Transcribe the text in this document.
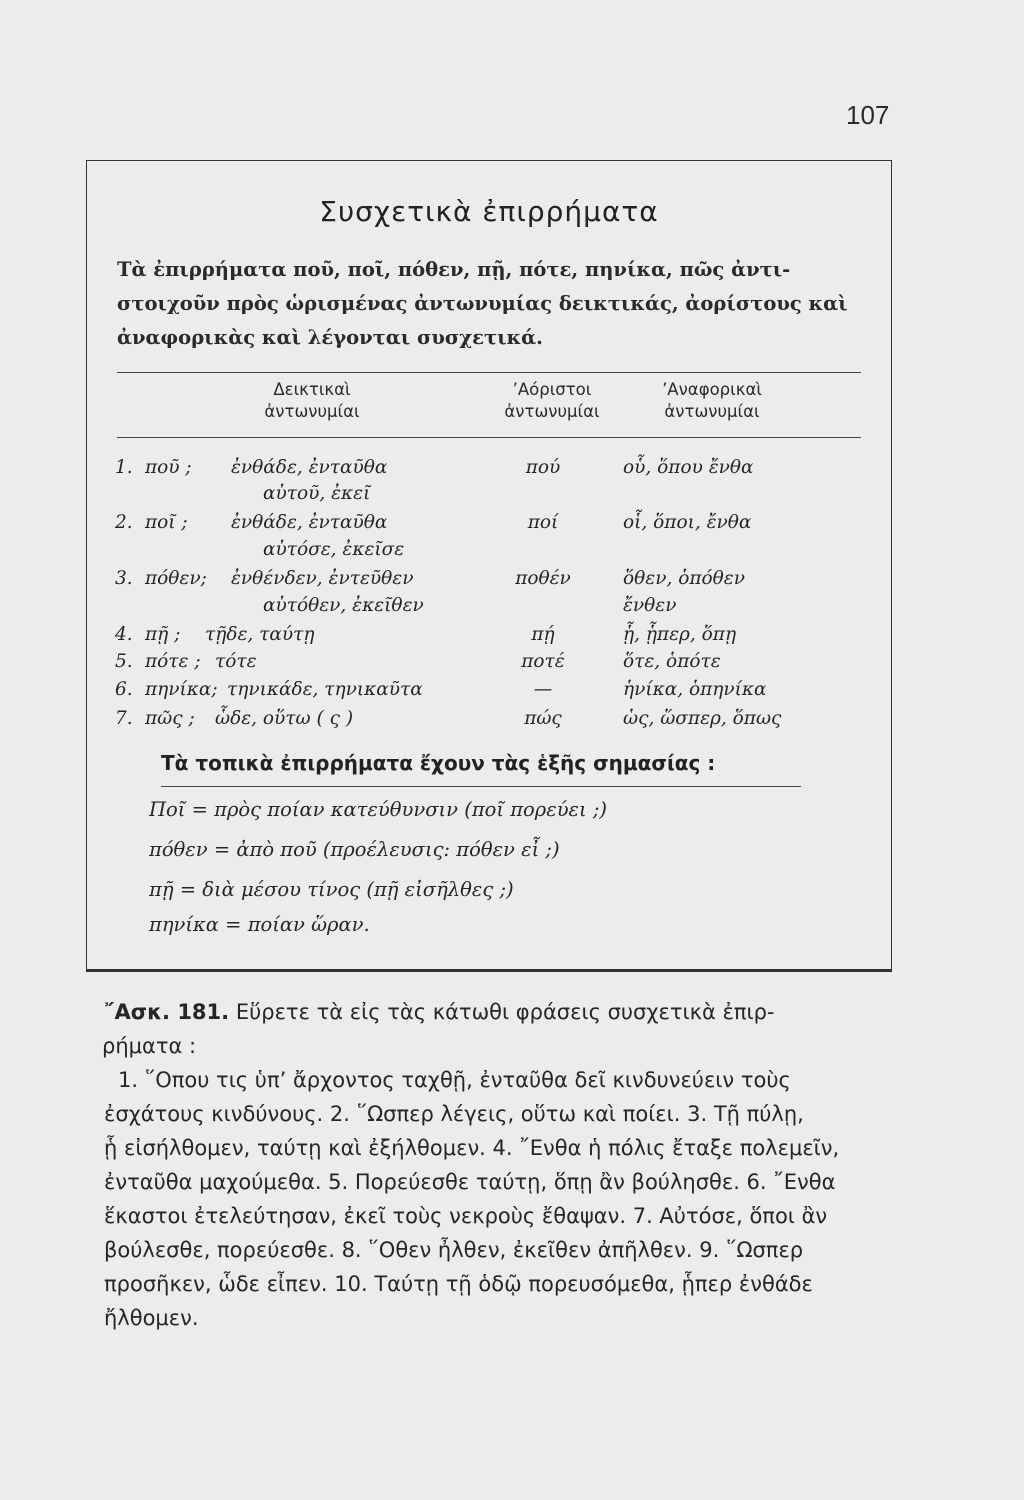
107
Συσχετικὰ ἐπιρρήματα
Τὰ ἐπιρρήματα ποῦ, ποῖ, πόθεν, πῇ, πότε, πηνίκα, πῶς ἀντι-
στοιχοῦν πρὸς ὡρισμένας ἀντωνυμίας δεικτικάς, ἀορίστους καὶ
ἀναφορικὰς καὶ λέγονται συσχετικά.
Δεικτικαὶ
ἀντωνυμίαι
’Αόριστοι
ἀντωνυμίαι
’Αναφορικαὶ
ἀντωνυμίαι
1. ποῦ ; ἐνθάδε, ἐνταῦθα	πού	οὗ, ὅπου ἔνθα
αὐτοῦ, ἐκεῖ
2. ποῖ ; ἐνθάδε, ἐνταῦθα	ποί	οἷ, ὅποι, ἔνθα
αὐτόσε, ἐκεῖσε
3. πόθεν; ἐνθένδεν, ἐντεῦθεν	ποθέν	ὅθεν, ὁπόθεν
αὐτόθεν, ἐκεῖθεν	ἔνθεν
4. πῇ ; τῇδε, ταύτῃ	πῄ	ᾗ, ᾗπερ, ὅπῃ
5. πότε ; τότε	ποτέ	ὅτε, ὁπότε
6. πηνίκα; τηνικάδε, τηνικαῦτα	—	ἡνίκα, ὁπηνίκα
7. πῶς ; ὧδε, οὕτω ( ς )	πώς	ὡς, ὥσπερ, ὅπως
Τὰ τοπικὰ ἐπιρρήματα ἔχουν τὰς ἑξῆς σημασίας :
Ποῖ = πρὸς ποίαν κατεύθυνσιν (ποῖ πορεύει ;)
πόθεν = ἀπὸ ποῦ (προέλευσις: πόθεν εἶ ;)
πῇ = διὰ μέσου τίνος (πῇ εἰσῆλθες ;)
πηνίκα = ποίαν ὥραν.
῎Ασκ. 181. Εὕρετε τὰ εἰς τὰς κάτωθι φράσεις συσχετικὰ ἐπιρ-
ρήματα :
1. ῞Οπου τις ὑπ’ ἄρχοντος ταχθῇ, ἐνταῦθα δεῖ κινδυνεύειν τοὺς
ἐσχάτους κινδύνους. 2. ῞Ωσπερ λέγεις, οὕτω καὶ ποίει. 3. Τῇ πύλῃ,
ᾗ εἰσήλθομεν, ταύτῃ καὶ ἐξήλθομεν. 4. ῎Ενθα ἡ πόλις ἔταξε πολεμεῖν,
ἐνταῦθα μαχούμεθα. 5. Πορεύεσθε ταύτῃ, ὅπῃ ἂν βούλησθε. 6. ῎Ενθα
ἕκαστοι ἐτελεύτησαν, ἐκεῖ τοὺς νεκροὺς ἔθαψαν. 7. Αὐτόσε, ὅποι ἂν
βούλεσθε, πορεύεσθε. 8. ῞Οθεν ἦλθεν, ἐκεῖθεν ἀπῆλθεν. 9. ῞Ωσπερ
προσῆκεν, ὧδε εἶπεν. 10. Ταύτῃ τῇ ὁδῷ πορευσόμεθα, ᾗπερ ἐνθάδε
ἤλθομεν.
